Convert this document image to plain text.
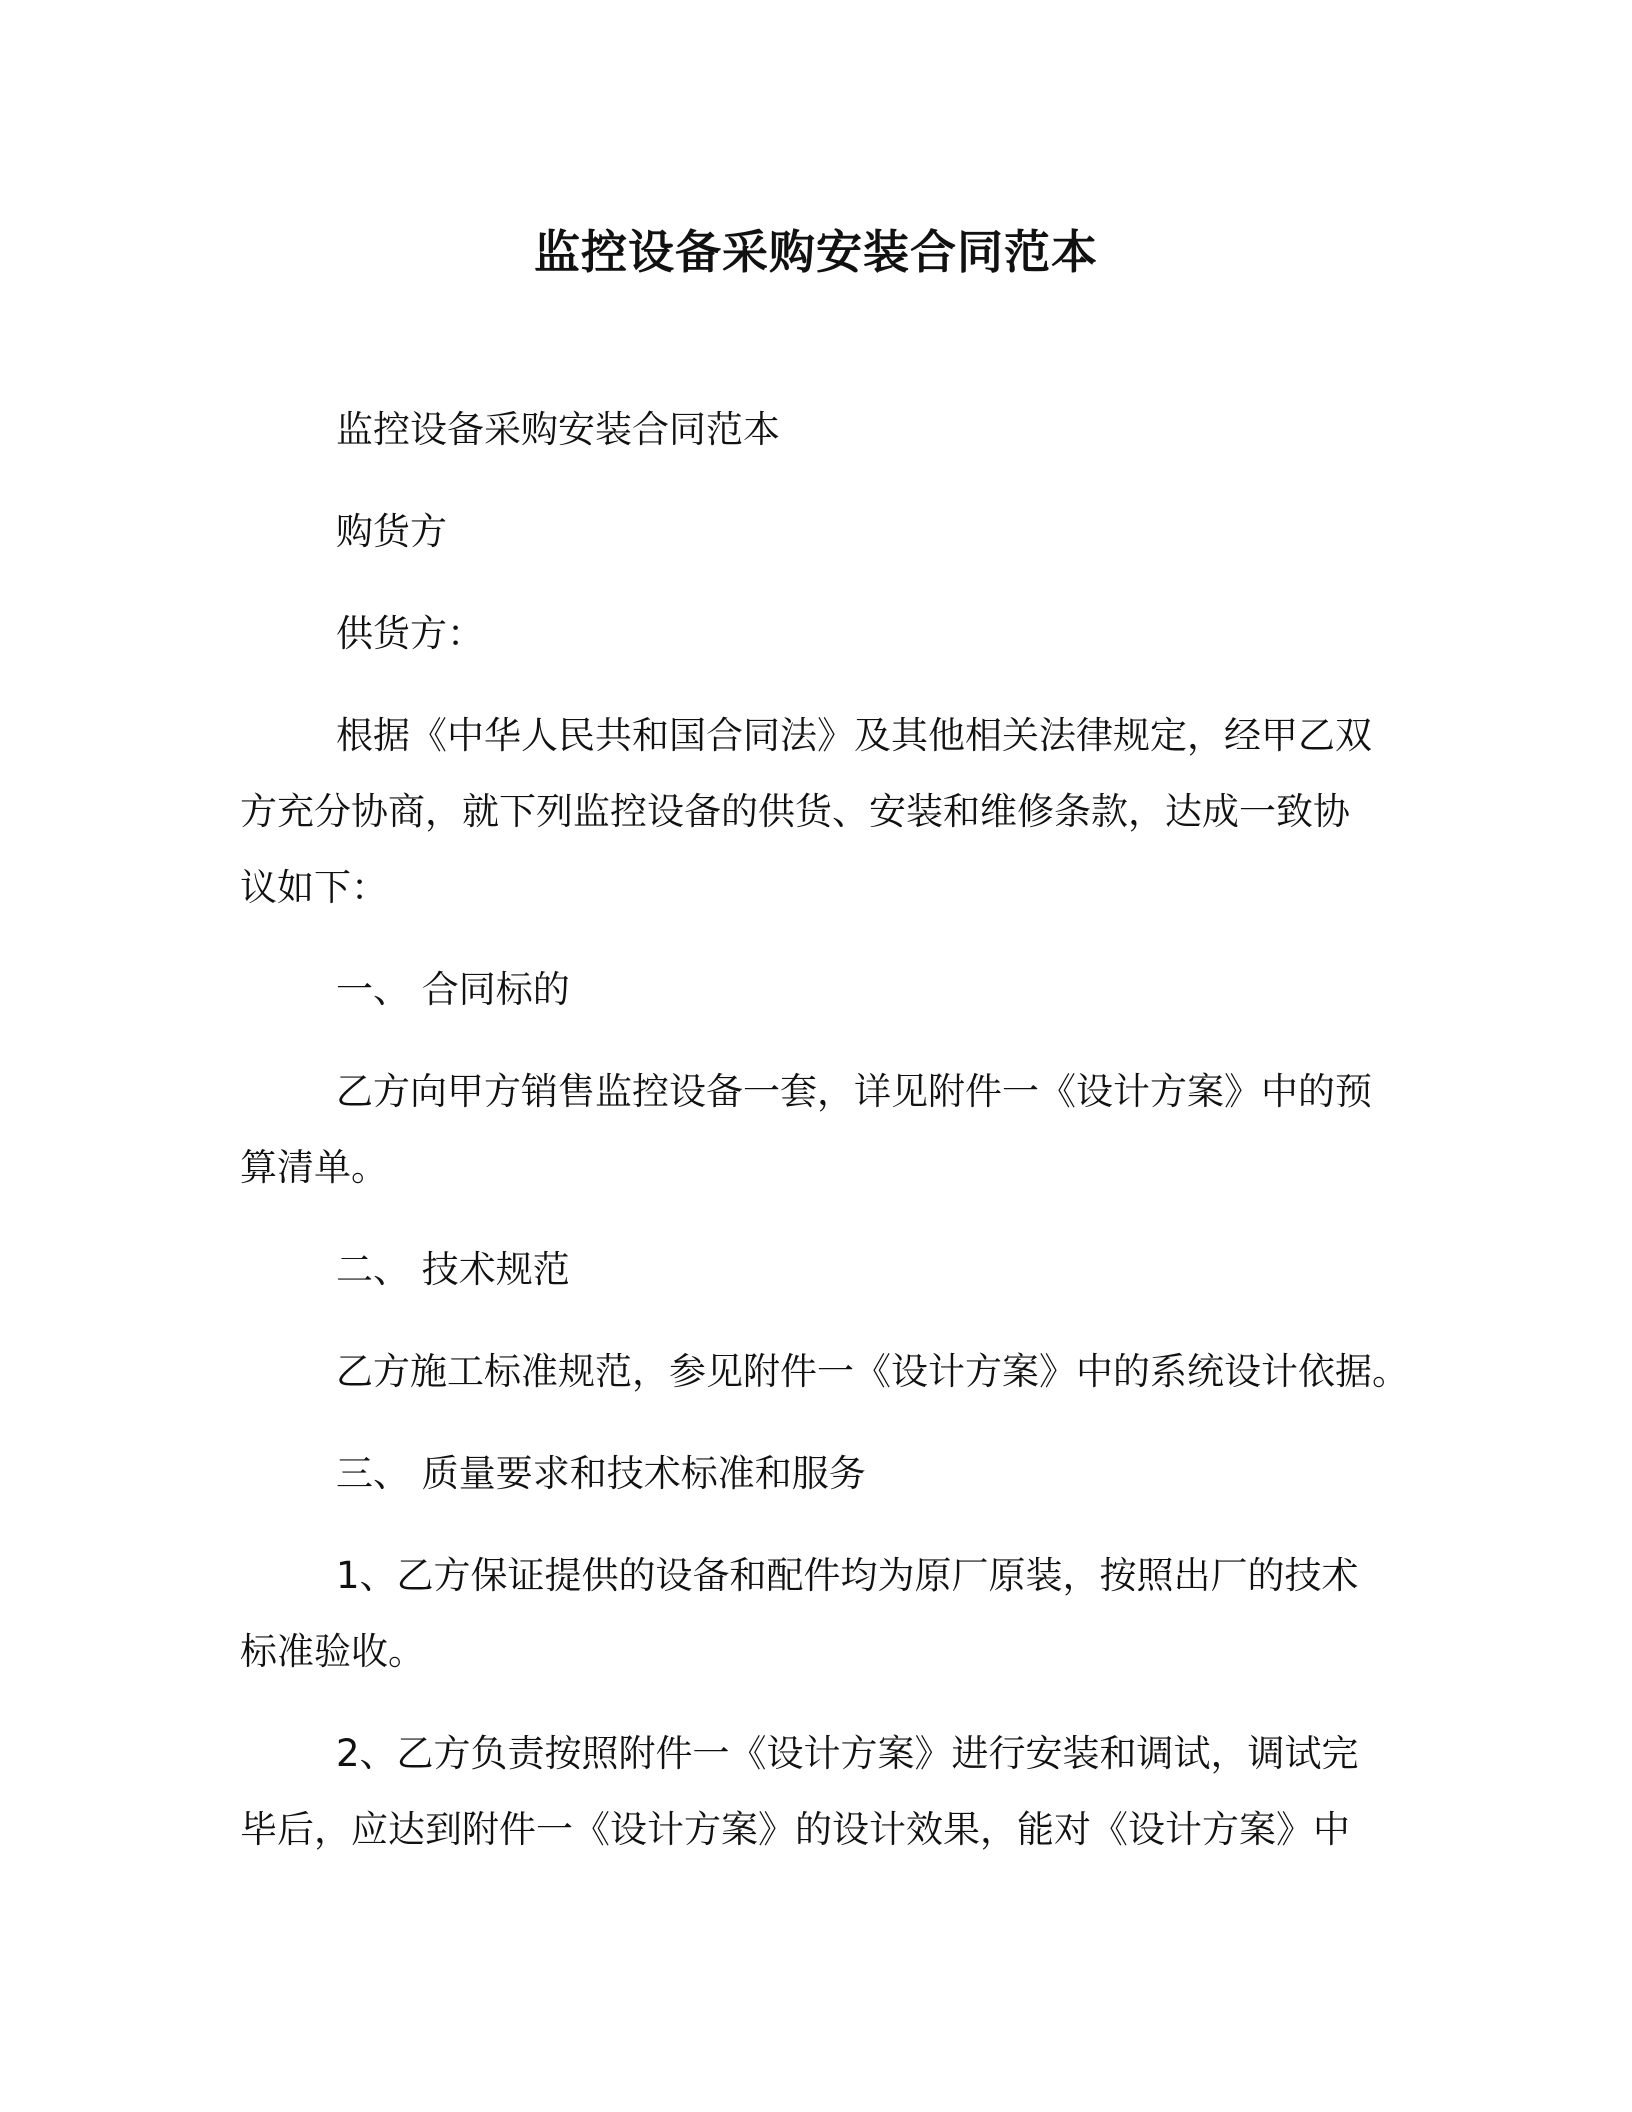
监控设备采购安装合同范本

监控设备采购安装合同范本

购货方

供货方：

根据《中华人民共和国合同法》及其他相关法律规定，经甲乙双方充分协商，就下列监控设备的供货、安装和维修条款，达成一致协议如下：

一、 合同标的

乙方向甲方销售监控设备一套，详见附件一《设计方案》中的预算清单。

二、 技术规范

乙方施工标准规范，参见附件一《设计方案》中的系统设计依据。

三、 质量要求和技术标准和服务

1、乙方保证提供的设备和配件均为原厂原装，按照出厂的技术标准验收。

2、乙方负责按照附件一《设计方案》进行安装和调试，调试完毕后，应达到附件一《设计方案》的设计效果，能对《设计方案》中
